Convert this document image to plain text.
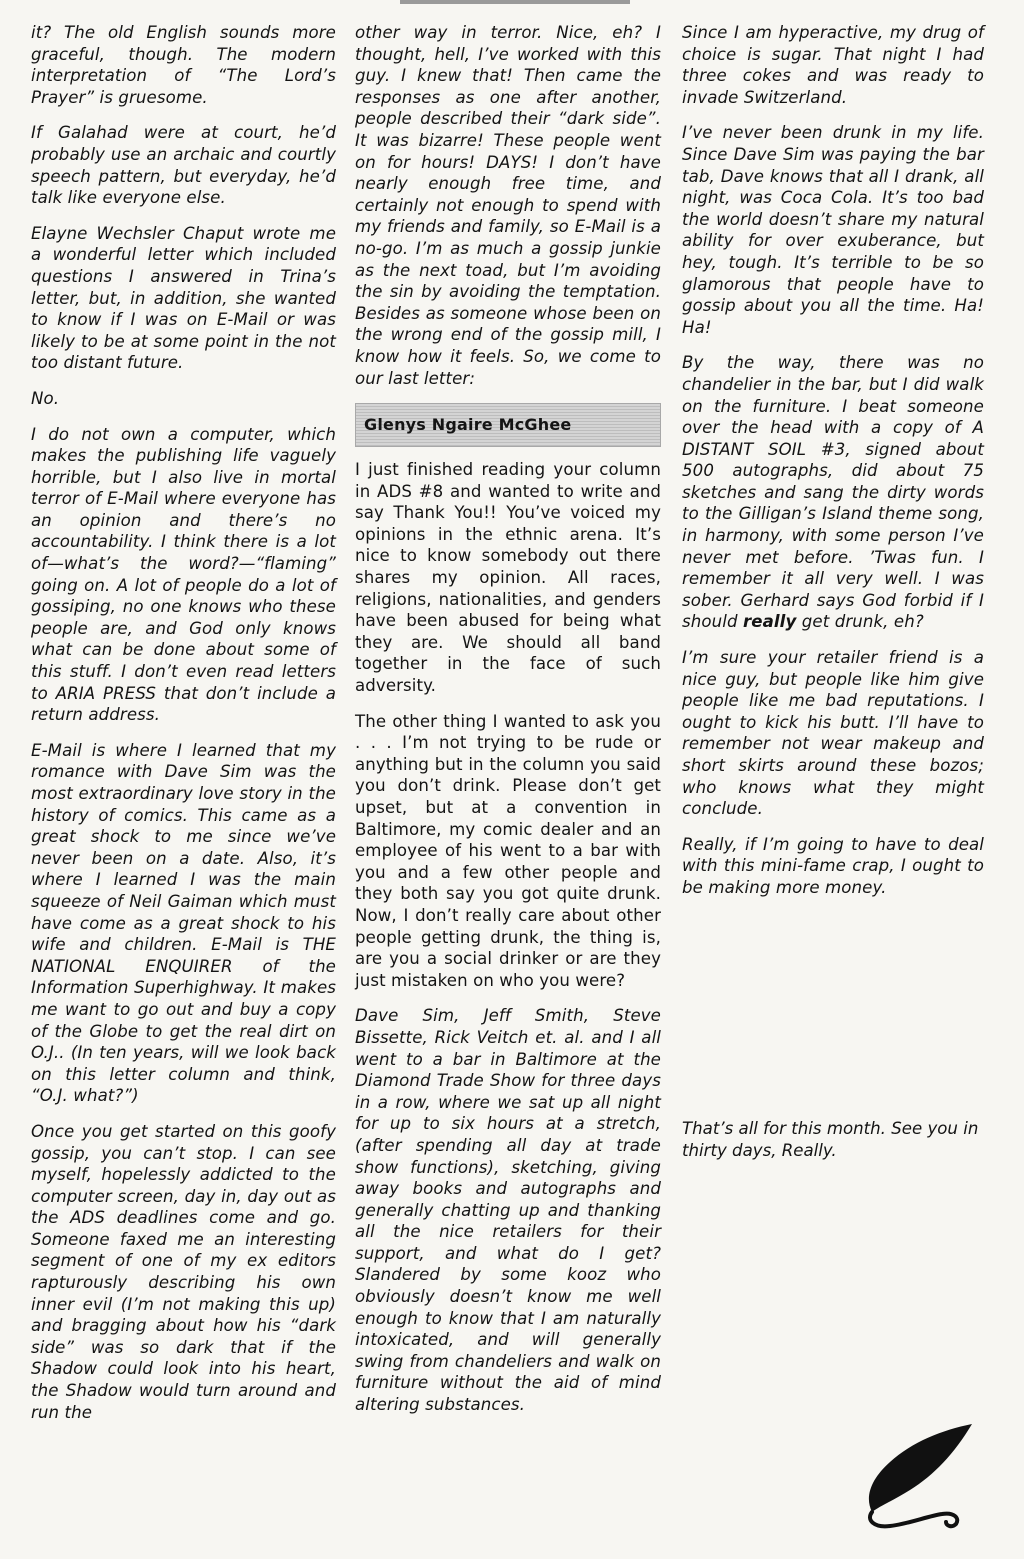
it? The old English sounds more graceful, though. The modern interpretation of “The Lord’s Prayer” is gruesome.

If Galahad were at court, he’d probably use an archaic and courtly speech pattern, but everyday, he’d talk like everyone else.

Elayne Wechsler Chaput wrote me a wonderful letter which included questions I answered in Trina’s letter, but, in addition, she wanted to know if I was on E-Mail or was likely to be at some point in the not too distant future.

No.

I do not own a computer, which makes the publishing life vaguely horrible, but I also live in mortal terror of E-Mail where everyone has an opinion and there’s no accountability. I think there is a lot of—what’s the word?—“flaming” going on. A lot of people do a lot of gossiping, no one knows who these people are, and God only knows what can be done about some of this stuff. I don’t even read letters to ARIA PRESS that don’t include a return address.

E-Mail is where I learned that my romance with Dave Sim was the most extraordinary love story in the history of comics. This came as a great shock to me since we’ve never been on a date. Also, it’s where I learned I was the main squeeze of Neil Gaiman which must have come as a great shock to his wife and children. E-Mail is THE NATIONAL ENQUIRER of the Information Superhighway. It makes me want to go out and buy a copy of the Globe to get the real dirt on O.J.. (In ten years, will we look back on this letter column and think, “O.J. what?”)

Once you get started on this goofy gossip, you can’t stop. I can see myself, hopelessly addicted to the computer screen, day in, day out as the ADS deadlines come and go. Someone faxed me an interesting segment of one of my ex editors rapturously describing his own inner evil (I’m not making this up) and bragging about how his “dark side” was so dark that if the Shadow could look into his heart, the Shadow would turn around and run the

other way in terror. Nice, eh? I thought, hell, I’ve worked with this guy. I knew that! Then came the responses as one after another, people described their “dark side”. It was bizarre! These people went on for hours! DAYS! I don’t have nearly enough free time, and certainly not enough to spend with my friends and family, so E-Mail is a no-go. I’m as much a gossip junkie as the next toad, but I’m avoiding the sin by avoiding the temptation. Besides as someone whose been on the wrong end of the gossip mill, I know how it feels. So, we come to our last letter:

Glenys Ngaire McGhee

I just finished reading your column in ADS #8 and wanted to write and say Thank You!! You’ve voiced my opinions in the ethnic arena. It’s nice to know somebody out there shares my opinion. All races, religions, nationalities, and genders have been abused for being what they are. We should all band together in the face of such adversity.

The other thing I wanted to ask you . . . I’m not trying to be rude or anything but in the column you said you don’t drink. Please don’t get upset, but at a convention in Baltimore, my comic dealer and an employee of his went to a bar with you and a few other people and they both say you got quite drunk. Now, I don’t really care about other people getting drunk, the thing is, are you a social drinker or are they just mistaken on who you were?

Dave Sim, Jeff Smith, Steve Bissette, Rick Veitch et. al. and I all went to a bar in Baltimore at the Diamond Trade Show for three days in a row, where we sat up all night for up to six hours at a stretch, (after spending all day at trade show functions), sketching, giving away books and autographs and generally chatting up and thanking all the nice retailers for their support, and what do I get? Slandered by some kooz who obviously doesn’t know me well enough to know that I am naturally intoxicated, and will generally swing from chandeliers and walk on furniture without the aid of mind altering substances.

Since I am hyperactive, my drug of choice is sugar. That night I had three cokes and was ready to invade Switzerland.

I’ve never been drunk in my life. Since Dave Sim was paying the bar tab, Dave knows that all I drank, all night, was Coca Cola. It’s too bad the world doesn’t share my natural ability for over exuberance, but hey, tough. It’s terrible to be so glamorous that people have to gossip about you all the time. Ha! Ha!

By the way, there was no chandelier in the bar, but I did walk on the furniture. I beat someone over the head with a copy of A DISTANT SOIL #3, signed about 500 autographs, did about 75 sketches and sang the dirty words to the Gilligan’s Island theme song, in harmony, with some person I’ve never met before. ’Twas fun. I remember it all very well. I was sober. Gerhard says God forbid if I should really get drunk, eh?

I’m sure your retailer friend is a nice guy, but people like him give people like me bad reputations. I ought to kick his butt. I’ll have to remember not wear makeup and short skirts around these bozos; who knows what they might conclude.

Really, if I’m going to have to deal with this mini-fame crap, I ought to be making more money.

That’s all for this month. See you in thirty days, Really.
